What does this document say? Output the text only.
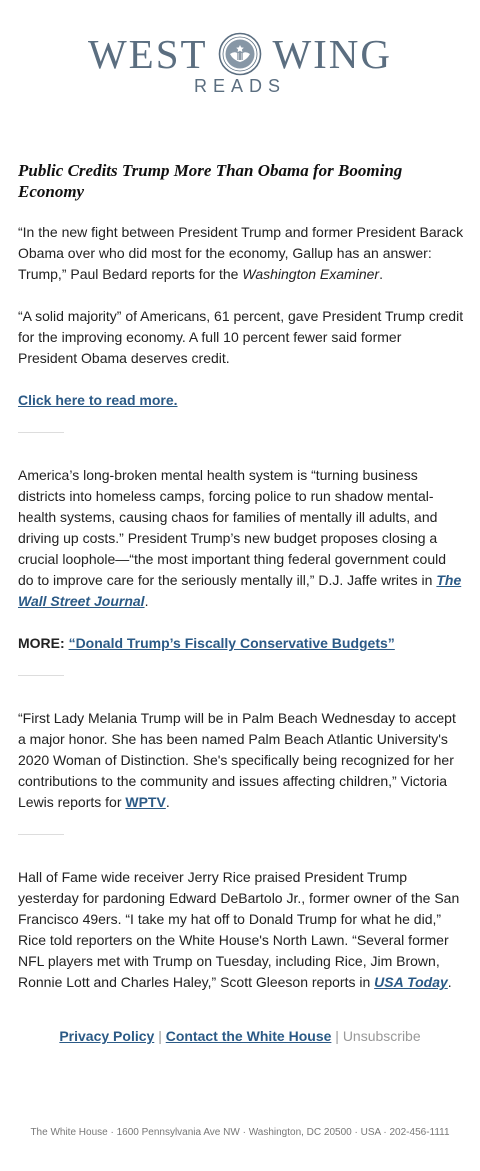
WEST WING
READS
Public Credits Trump More Than Obama for Booming Economy

“In the new fight between President Trump and former President Barack Obama over who did most for the economy, Gallup has an answer: Trump,” Paul Bedard reports for the Washington Examiner.

“A solid majority” of Americans, 61 percent, gave President Trump credit for the improving economy. A full 10 percent fewer said former President Obama deserves credit.

Click here to read more.

America’s long-broken mental health system is “turning business districts into homeless camps, forcing police to run shadow mental-health systems, causing chaos for families of mentally ill adults, and driving up costs.” President Trump’s new budget proposes closing a crucial loophole—“the most important thing federal government could do to improve care for the seriously mentally ill,” D.J. Jaffe writes in The Wall Street Journal.

MORE: “Donald Trump’s Fiscally Conservative Budgets”

“First Lady Melania Trump will be in Palm Beach Wednesday to accept a major honor. She has been named Palm Beach Atlantic University's 2020 Woman of Distinction. She's specifically being recognized for her contributions to the community and issues affecting children,” Victoria Lewis reports for WPTV.

Hall of Fame wide receiver Jerry Rice praised President Trump yesterday for pardoning Edward DeBartolo Jr., former owner of the San Francisco 49ers. “I take my hat off to Donald Trump for what he did,” Rice told reporters on the White House's North Lawn. “Several former NFL players met with Trump on Tuesday, including Rice, Jim Brown, Ronnie Lott and Charles Haley,” Scott Gleeson reports in USA Today.

Privacy Policy | Contact the White House | Unsubscribe
The White House · 1600 Pennsylvania Ave NW · Washington, DC 20500 · USA · 202-456-1111
